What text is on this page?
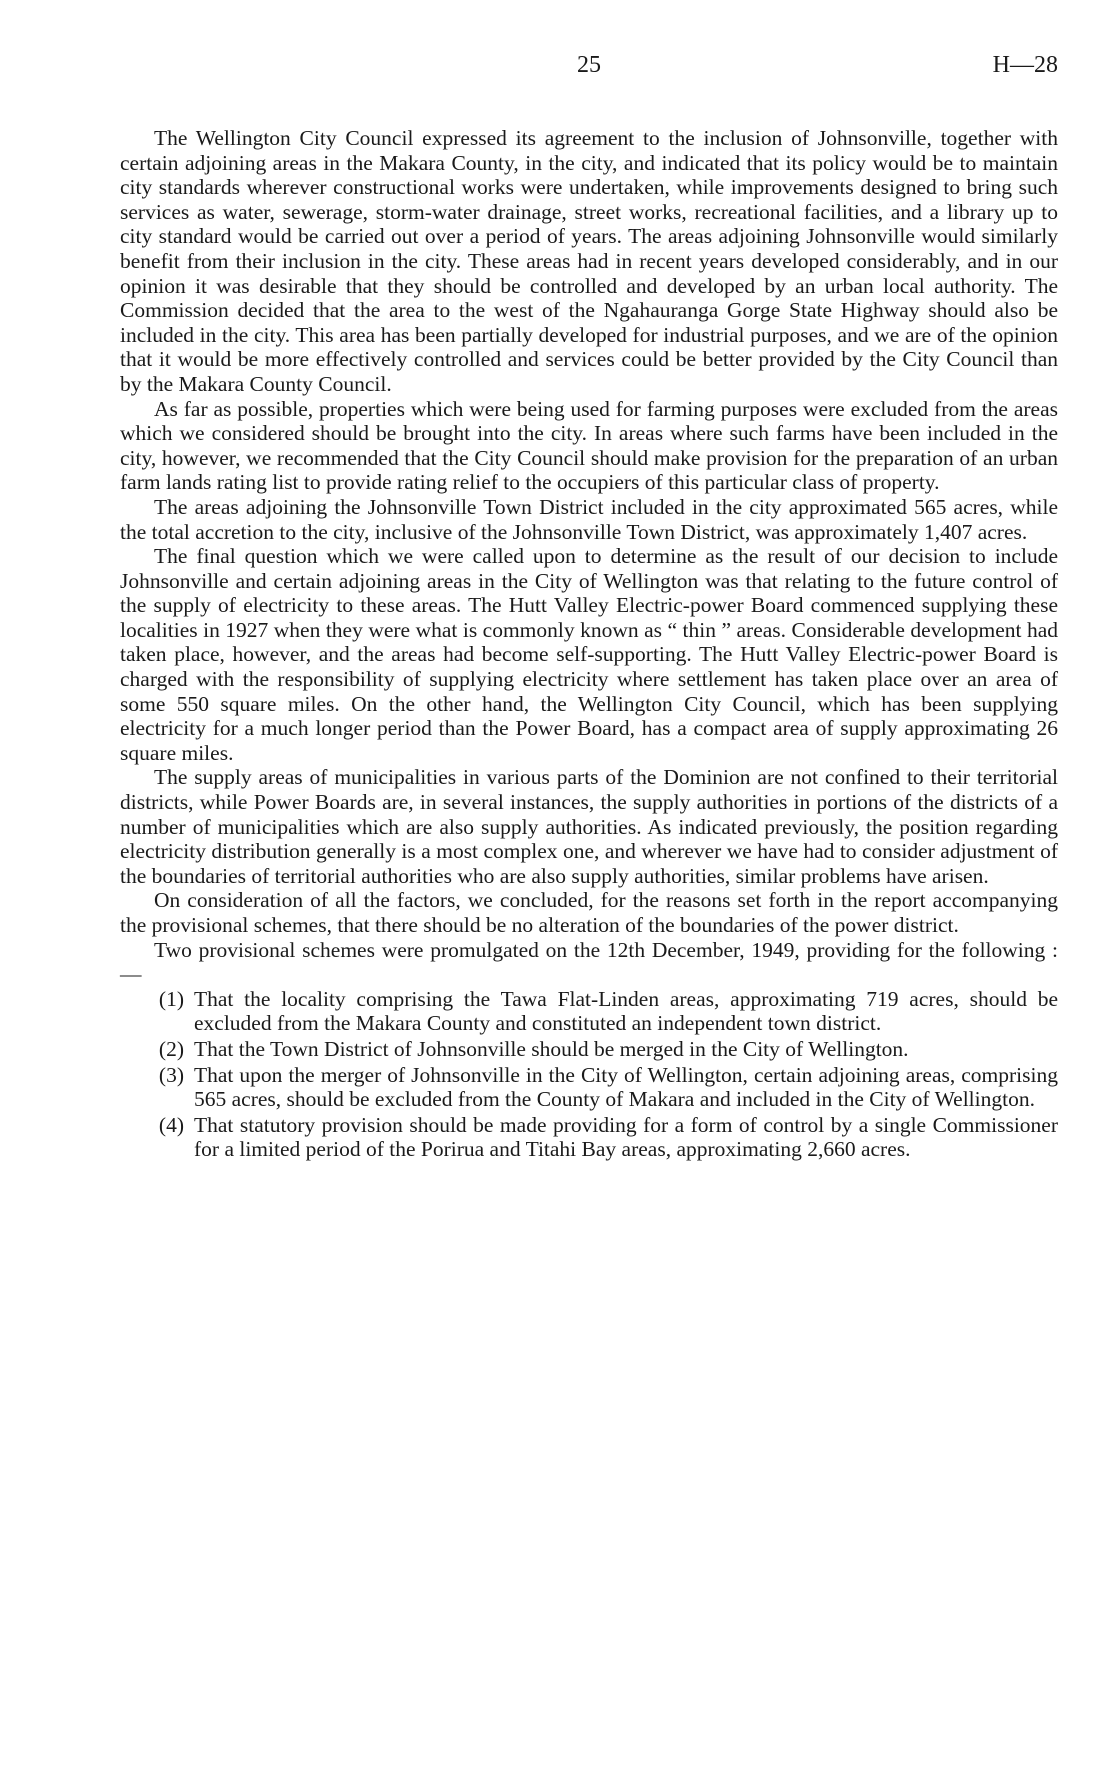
25	H—28

The Wellington City Council expressed its agreement to the inclusion of Johnsonville, together with certain adjoining areas in the Makara County, in the city, and indicated that its policy would be to maintain city standards wherever constructional works were undertaken, while improvements designed to bring such services as water, sewerage, storm-water drainage, street works, recreational facilities, and a library up to city standard would be carried out over a period of years. The areas adjoining Johnsonville would similarly benefit from their inclusion in the city. These areas had in recent years developed considerably, and in our opinion it was desirable that they should be controlled and developed by an urban local authority. The Commission decided that the area to the west of the Ngahauranga Gorge State Highway should also be included in the city. This area has been partially developed for industrial purposes, and we are of the opinion that it would be more effectively controlled and services could be better provided by the City Council than by the Makara County Council.

As far as possible, properties which were being used for farming purposes were excluded from the areas which we considered should be brought into the city. In areas where such farms have been included in the city, however, we recommended that the City Council should make provision for the preparation of an urban farm lands rating list to provide rating relief to the occupiers of this particular class of property.

The areas adjoining the Johnsonville Town District included in the city approximated 565 acres, while the total accretion to the city, inclusive of the Johnsonville Town District, was approximately 1,407 acres.

The final question which we were called upon to determine as the result of our decision to include Johnsonville and certain adjoining areas in the City of Wellington was that relating to the future control of the supply of electricity to these areas. The Hutt Valley Electric-power Board commenced supplying these localities in 1927 when they were what is commonly known as “ thin ” areas. Considerable development had taken place, however, and the areas had become self-supporting. The Hutt Valley Electric-power Board is charged with the responsibility of supplying electricity where settlement has taken place over an area of some 550 square miles. On the other hand, the Wellington City Council, which has been supplying electricity for a much longer period than the Power Board, has a compact area of supply approximating 26 square miles.

The supply areas of municipalities in various parts of the Dominion are not confined to their territorial districts, while Power Boards are, in several instances, the supply authorities in portions of the districts of a number of municipalities which are also supply authorities. As indicated previously, the position regarding electricity distribution generally is a most complex one, and wherever we have had to consider adjustment of the boundaries of territorial authorities who are also supply authorities, similar problems have arisen.

On consideration of all the factors, we concluded, for the reasons set forth in the report accompanying the provisional schemes, that there should be no alteration of the boundaries of the power district.

Two provisional schemes were promulgated on the 12th December, 1949, providing for the following :—

(1) That the locality comprising the Tawa Flat-Linden areas, approximating 719 acres, should be excluded from the Makara County and constituted an independent town district.
(2) That the Town District of Johnsonville should be merged in the City of Wellington.
(3) That upon the merger of Johnsonville in the City of Wellington, certain adjoining areas, comprising 565 acres, should be excluded from the County of Makara and included in the City of Wellington.
(4) That statutory provision should be made providing for a form of control by a single Commissioner for a limited period of the Porirua and Titahi Bay areas, approximating 2,660 acres.
